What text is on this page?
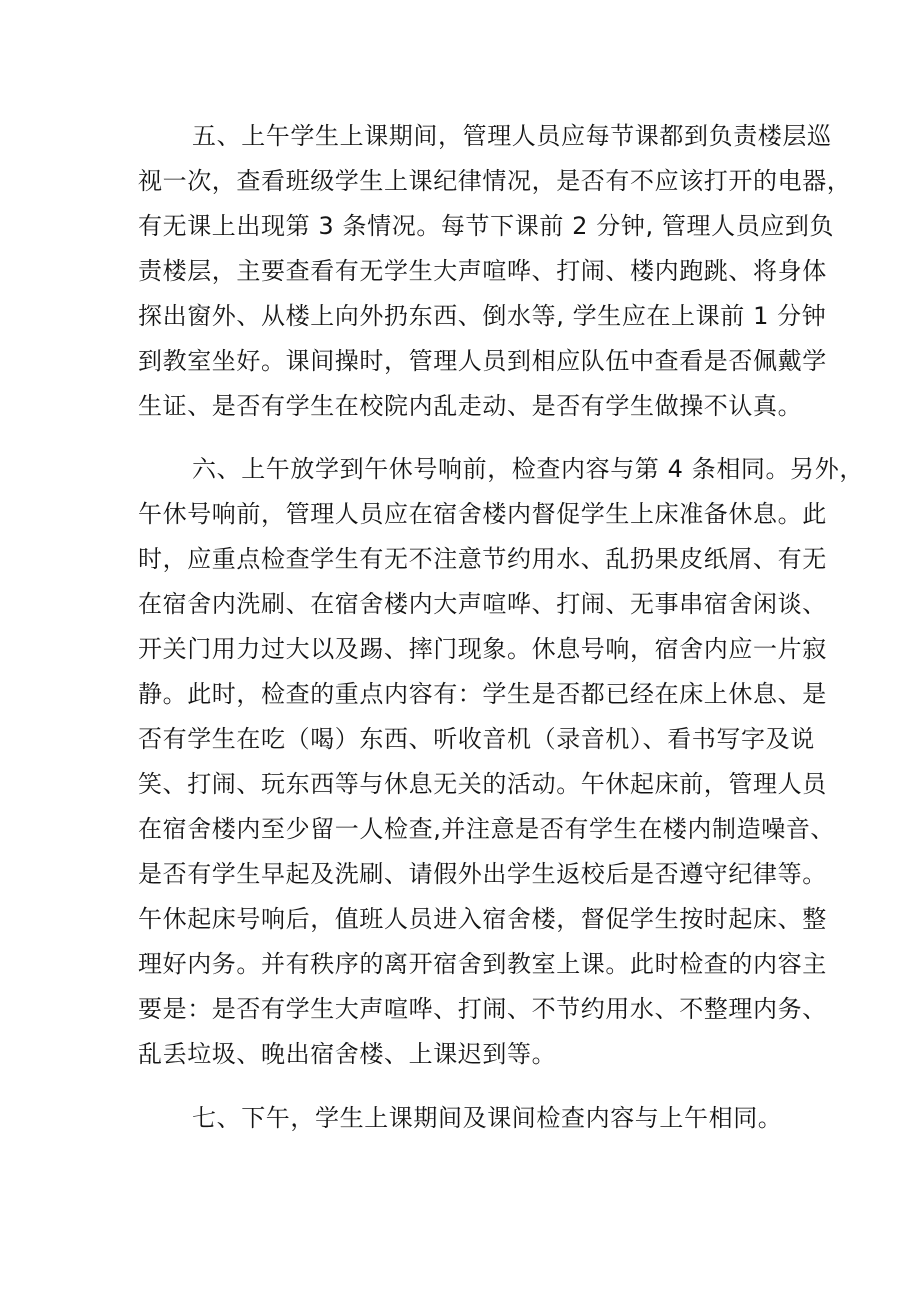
五、上午学生上课期间，管理人员应每节课都到负责楼层巡
视一次，查看班级学生上课纪律情况，是否有不应该打开的电器，
有无课上出现第 3 条情况。每节下课前 2 分钟, 管理人员应到负
责楼层，主要查看有无学生大声喧哗、打闹、楼内跑跳、将身体
探出窗外、从楼上向外扔东西、倒水等, 学生应在上课前 1 分钟
到教室坐好。课间操时，管理人员到相应队伍中查看是否佩戴学
生证、是否有学生在校院内乱走动、是否有学生做操不认真。
六、上午放学到午休号响前，检查内容与第 4 条相同。另外，
午休号响前，管理人员应在宿舍楼内督促学生上床准备休息。此
时，应重点检查学生有无不注意节约用水、乱扔果皮纸屑、有无
在宿舍内洗刷、在宿舍楼内大声喧哗、打闹、无事串宿舍闲谈、
开关门用力过大以及踢、摔门现象。休息号响，宿舍内应一片寂
静。此时，检查的重点内容有：学生是否都已经在床上休息、是
否有学生在吃（喝）东西、听收音机（录音机）、看书写字及说
笑、打闹、玩东西等与休息无关的活动。午休起床前，管理人员
在宿舍楼内至少留一人检查,并注意是否有学生在楼内制造噪音、
是否有学生早起及洗刷、请假外出学生返校后是否遵守纪律等。
午休起床号响后，值班人员进入宿舍楼，督促学生按时起床、整
理好内务。并有秩序的离开宿舍到教室上课。此时检查的内容主
要是：是否有学生大声喧哗、打闹、不节约用水、不整理内务、
乱丢垃圾、晚出宿舍楼、上课迟到等。
七、下午，学生上课期间及课间检查内容与上午相同。
